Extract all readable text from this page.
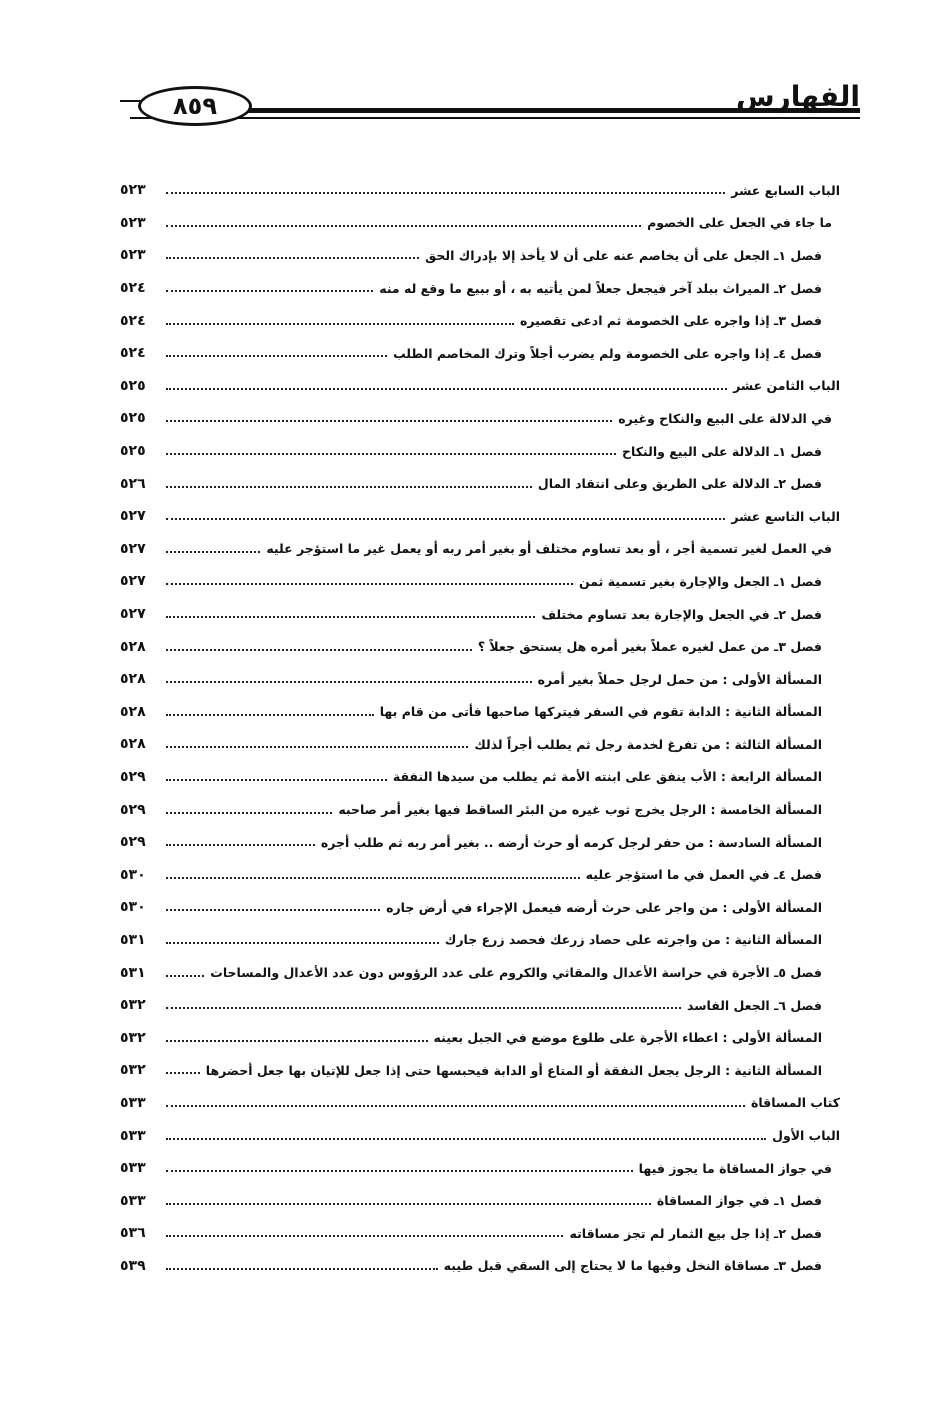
٨٥٩	الفهارس
الباب السابع عشر
٥٢٣
ما جاء في الجعل على الخصوم
٥٢٣
فصل ١ـ الجعل على أن يخاصم عنه على أن لا يأخذ إلا بإدراك الحق
٥٢٣
فصل ٢ـ الميراث ببلد آخر فيجعل جعلاً لمن يأتيه به ، أو ببيع ما وقع له منه
٥٢٤
فصل ٣ـ إذا واجره على الخصومة ثم ادعى تقصيره
٥٢٤
فصل ٤ـ إذا واجره على الخصومة ولم يضرب أجلاً وترك المخاصم الطلب
٥٢٤
الباب الثامن عشر
٥٢٥
في الدلالة على البيع والنكاح وغيره
٥٢٥
فصل ١ـ الدلالة على البيع والنكاح
٥٢٥
فصل ٢ـ الدلالة على الطريق وعلى انتقاد المال
٥٢٦
الباب التاسع عشر
٥٢٧
في العمل لغير تسمية أجر ، أو بعد تساوم مختلف أو بغير أمر ربه أو يعمل غير ما استؤجر عليه
٥٢٧
فصل ١ـ الجعل والإجارة بغير تسمية ثمن
٥٢٧
فصل ٢ـ في الجعل والإجارة بعد تساوم مختلف
٥٢٧
فصل ٣ـ من عمل لغيره عملاً بغير أمره هل يستحق جعلاً ؟
٥٢٨
المسألة الأولى : من حمل لرجل حملاً بغير أمره
٥٢٨
المسألة الثانية : الدابة تقوم في السفر فيتركها صاحبها فأتى من قام بها
٥٢٨
المسألة الثالثة : من تفرغ لخدمة رجل ثم يطلب أجراً لذلك
٥٢٨
المسألة الرابعة : الأب ينفق على ابنته الأمة ثم يطلب من سيدها النفقة
٥٢٩
المسألة الخامسة : الرجل يخرج ثوب غيره من البئر الساقط فيها بغير أمر صاحبه
٥٢٩
المسألة السادسة : من حفر لرجل كرمه أو حرث أرضه .. بغير أمر ربه ثم طلب أجره
٥٢٩
فصل ٤ـ في العمل في ما استؤجر عليه
٥٣٠
المسألة الأولى : من واجر على حرث أرضه فيعمل الإجراء في أرض جاره
٥٣٠
المسألة الثانية : من واجرته على حصاد زرعك فحصد زرع جارك
٥٣١
فصل ٥ـ الأجرة في حراسة الأعدال والمقاثي والكروم على عدد الرؤوس دون عدد الأعدال والمساحات
٥٣١
فصل ٦ـ الجعل الفاسد
٥٣٢
المسألة الأولى : اعطاء الأجرة على طلوع موضع في الجبل بعينه
٥٣٢
المسألة الثانية : الرجل يجعل النفقة أو المتاع أو الدابة فيحبسها حتى إذا جعل للإتيان بها جعل أحضرها
٥٣٢
كتاب المساقاة
٥٣٣
الباب الأول
٥٣٣
في جواز المساقاة ما يجوز فيها
٥٣٣
فصل ١ـ في جواز المساقاة
٥٣٣
فصل ٢ـ إذا جل بيع الثمار لم تجز مساقاته
٥٣٦
فصل ٣ـ مساقاة النخل وفيها ما لا يحتاج إلى السقي قبل طيبه
٥٣٩
